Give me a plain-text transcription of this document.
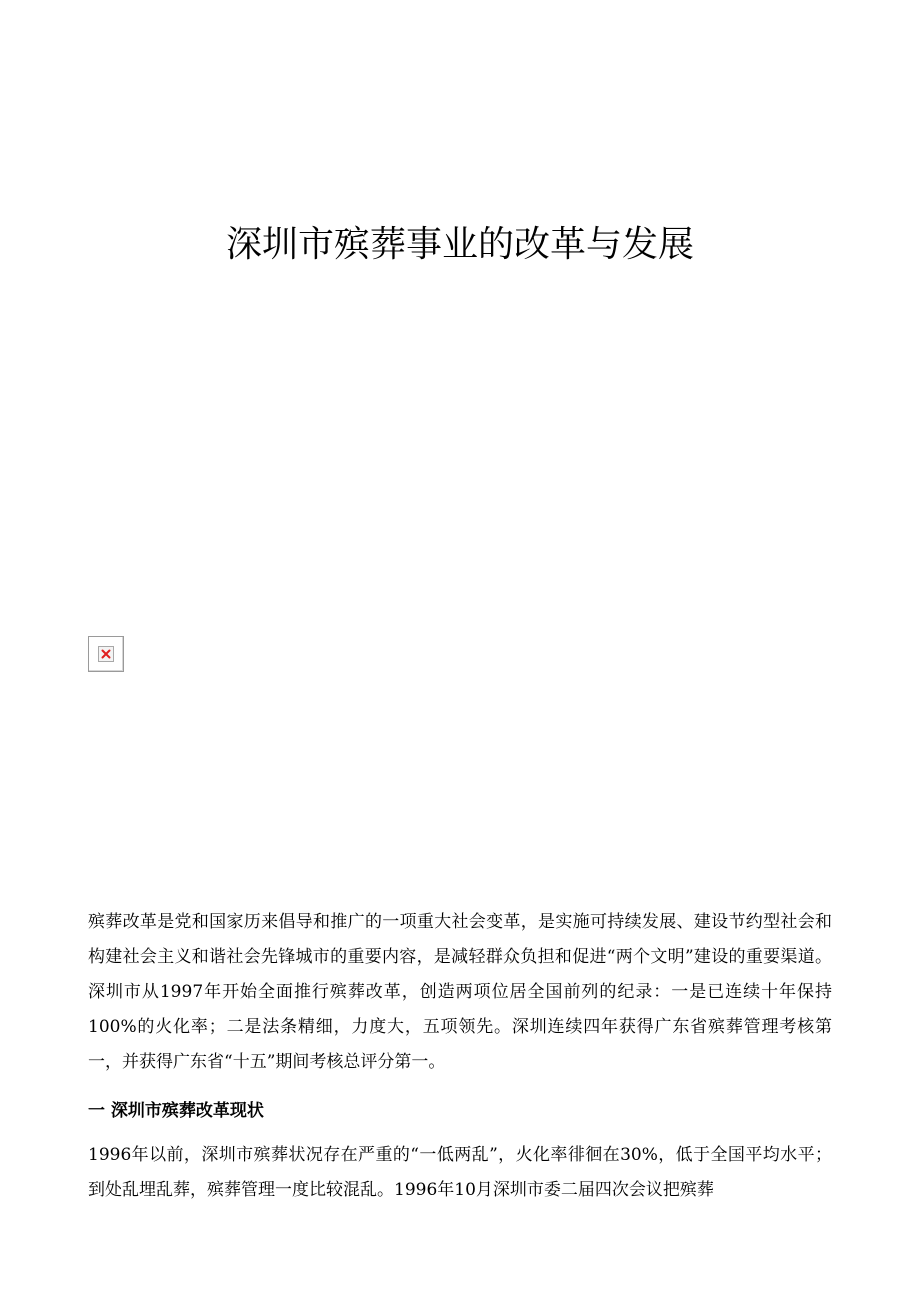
深圳市殡葬事业的改革与发展

殡葬改革是党和国家历来倡导和推广的一项重大社会变革，是实施可持续发展、建设节约型社会和构建社会主义和谐社会先锋城市的重要内容，是减轻群众负担和促进“两个文明”建设的重要渠道。深圳市从1997年开始全面推行殡葬改革，创造两项位居全国前列的纪录：一是已连续十年保持100%的火化率；二是法条精细，力度大，五项领先。深圳连续四年获得广东省殡葬管理考核第一，并获得广东省“十五”期间考核总评分第一。

一 深圳市殡葬改革现状

1996年以前，深圳市殡葬状况存在严重的“一低两乱”，火化率徘徊在30%，低于全国平均水平；到处乱埋乱葬，殡葬管理一度比较混乱。1996年10月深圳市委二届四次会议把殡葬
